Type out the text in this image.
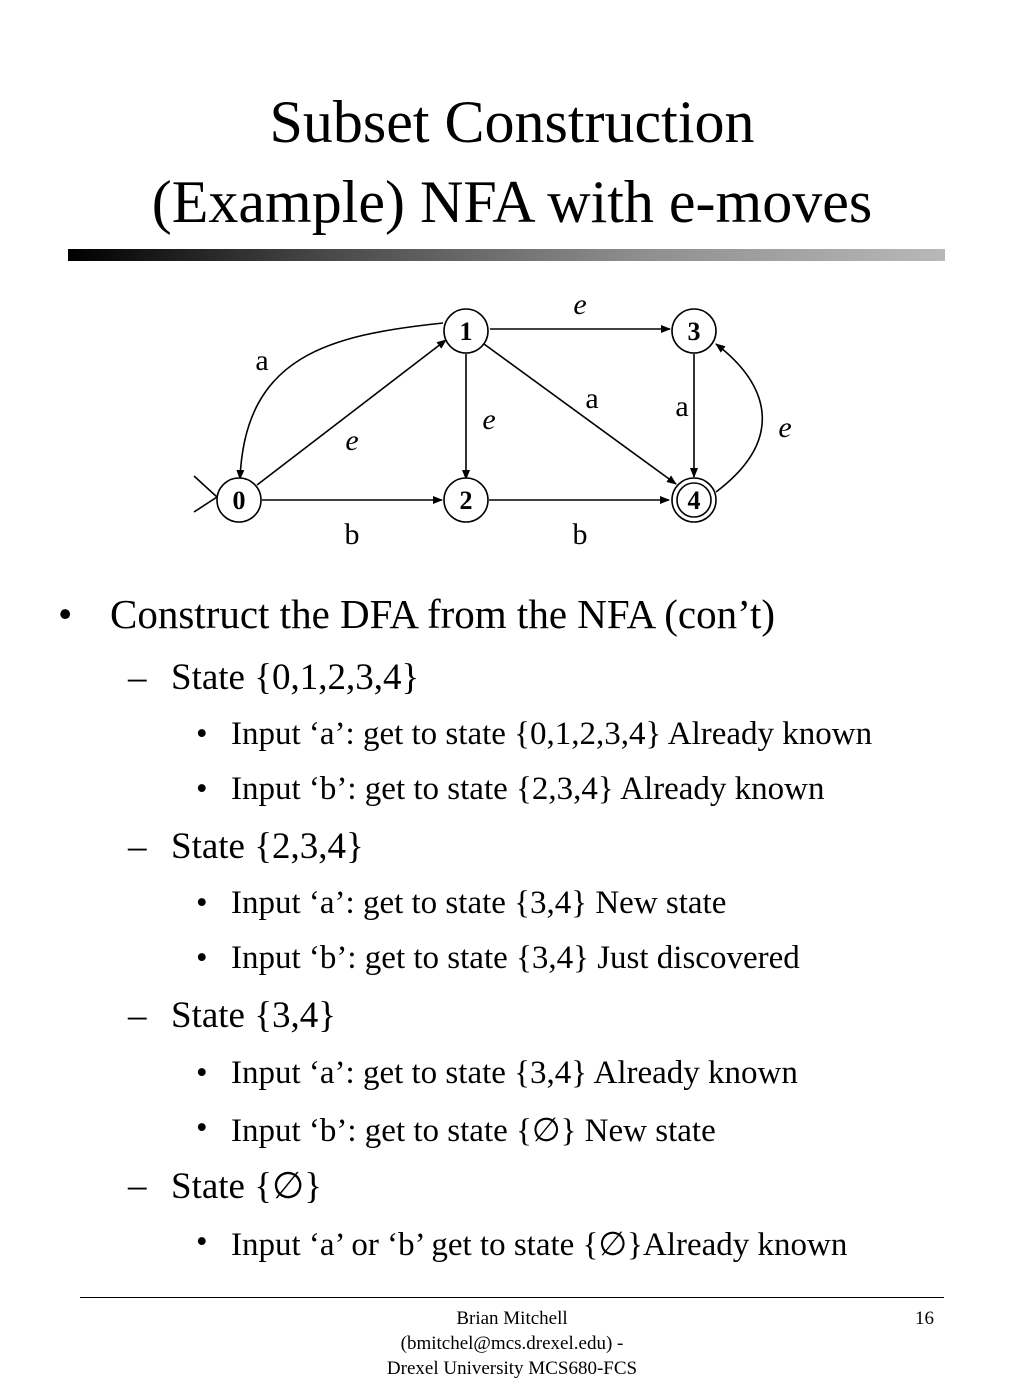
Subset Construction
(Example) NFA with e-moves
0
1
2
3
4
e
a
b
e
e
a	a
b
e
• Construct the DFA from the NFA (con’t)
– State {0,1,2,3,4}
• Input ‘a’: get to state {0,1,2,3,4} Already known
• Input ‘b’: get to state {2,3,4} Already known
– State {2,3,4}
• Input ‘a’: get to state {3,4} New state
• Input ‘b’: get to state {3,4} Just discovered
– State {3,4}
• Input ‘a’: get to state {3,4} Already known
• Input ‘b’: get to state {∅} New state
– State {∅}
• Input ‘a’ or ‘b’ get to state {∅}Already known
Brian Mitchell
(bmitchel@mcs.drexel.edu) -
Drexel University MCS680-FCS
16
